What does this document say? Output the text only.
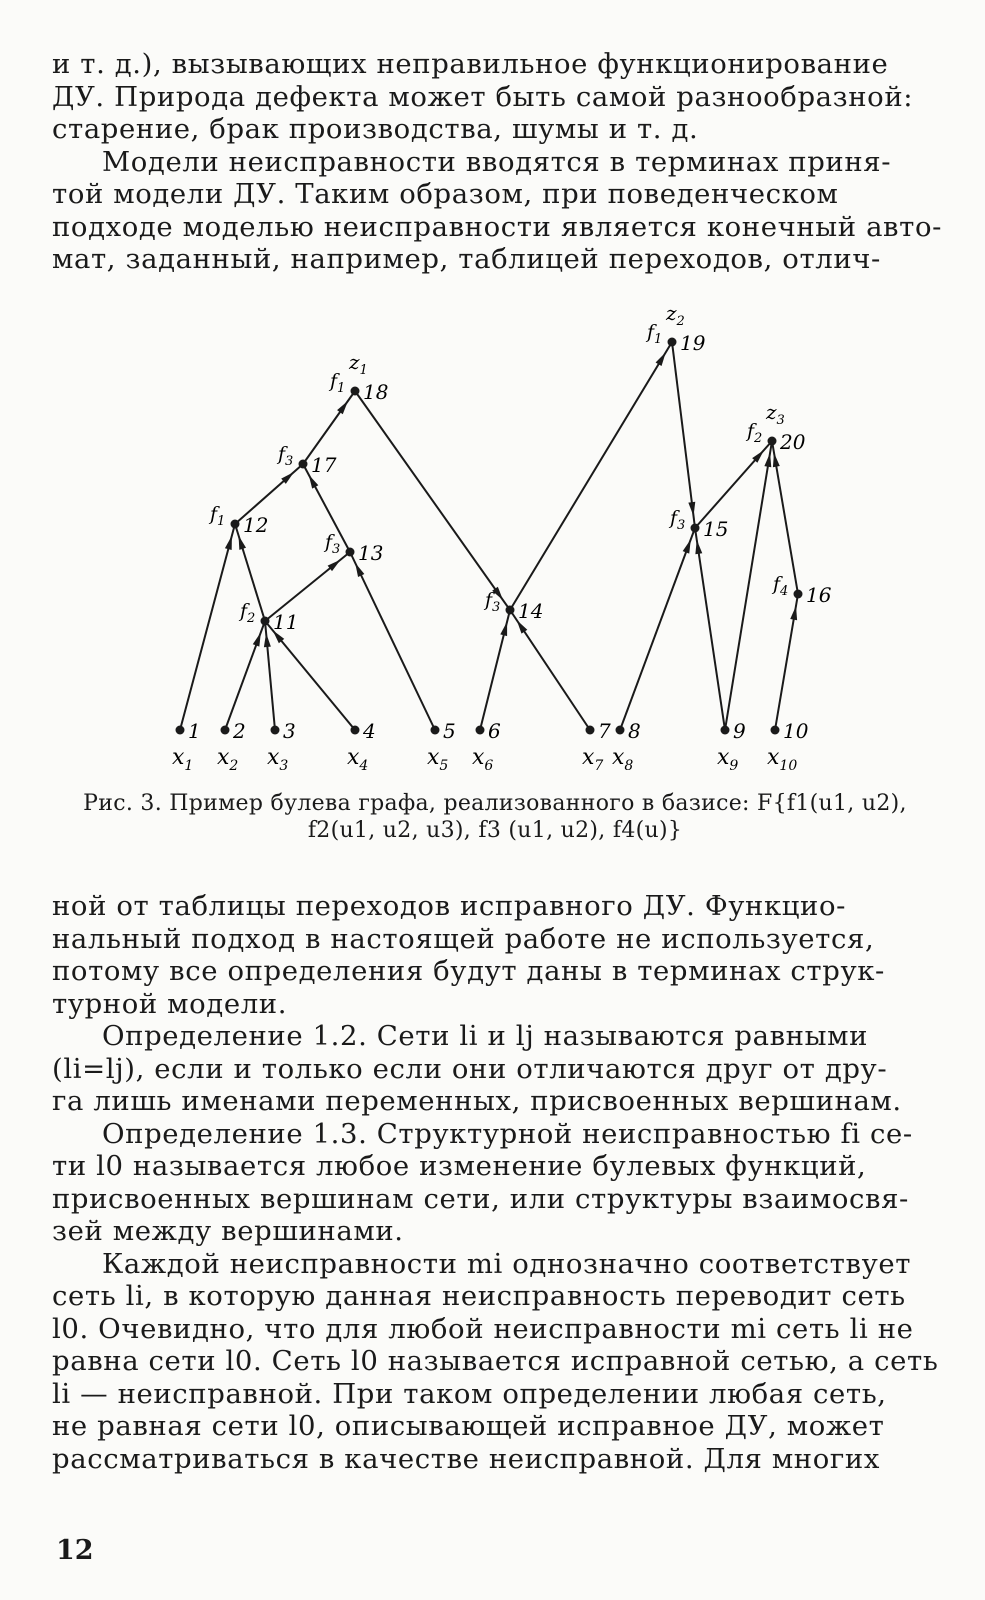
и т. д.), вызывающих неправильное функционирование
ДУ. Природа дефекта может быть самой разнообразной:
старение, брак производства, шумы и т. д.

Модели неисправности вводятся в терминах приня-
той модели ДУ. Таким образом, при поведенческом
подходе моделью неисправности является конечный авто-
мат, заданный, например, таблицей переходов, отлич-

1
$x_1$
2
$x_2$
3
$x_3$
4
$x_4$
5
$x_5$
6
$x_6$
7
$x_7$
8
$x_8$
9
$x_9$
10
$x_{10}$
11
$f_2$
12
$f_1$
13
$f_3$
14
$f_3$
15
$f_3$
16
$f_4$
17
$f_3$
18
$f_1$
$z_1$
19
$f_1$
$z_2$
20
$f_2$
$z_3$
Рис. 3. Пример булева графа, реализованного в базисе: F{f1(u1, u2),
f2(u1, u2, u3), f3 (u1, u2), f4(u)}

ной от таблицы переходов исправного ДУ. Функцио-
нальный подход в настоящей работе не используется,
потому все определения будут даны в терминах струк-
турной модели.

Определение 1.2. Сети li и lj называются равными
(li=lj), если и только если они отличаются друг от дру-
га лишь именами переменных, присвоенных вершинам.

Определение 1.3. Структурной неисправностью fi се-
ти l0 называется любое изменение булевых функций,
присвоенных вершинам сети, или структуры взаимосвя-
зей между вершинами.

Каждой неисправности mi однозначно соответствует
сеть li, в которую данная неисправность переводит сеть
l0. Очевидно, что для любой неисправности mi сеть li не
равна сети l0. Сеть l0 называется исправной сетью, а сеть
li — неисправной. При таком определении любая сеть,
не равная сети l0, описывающей исправное ДУ, может
рассматриваться в качестве неисправной. Для многих

12
